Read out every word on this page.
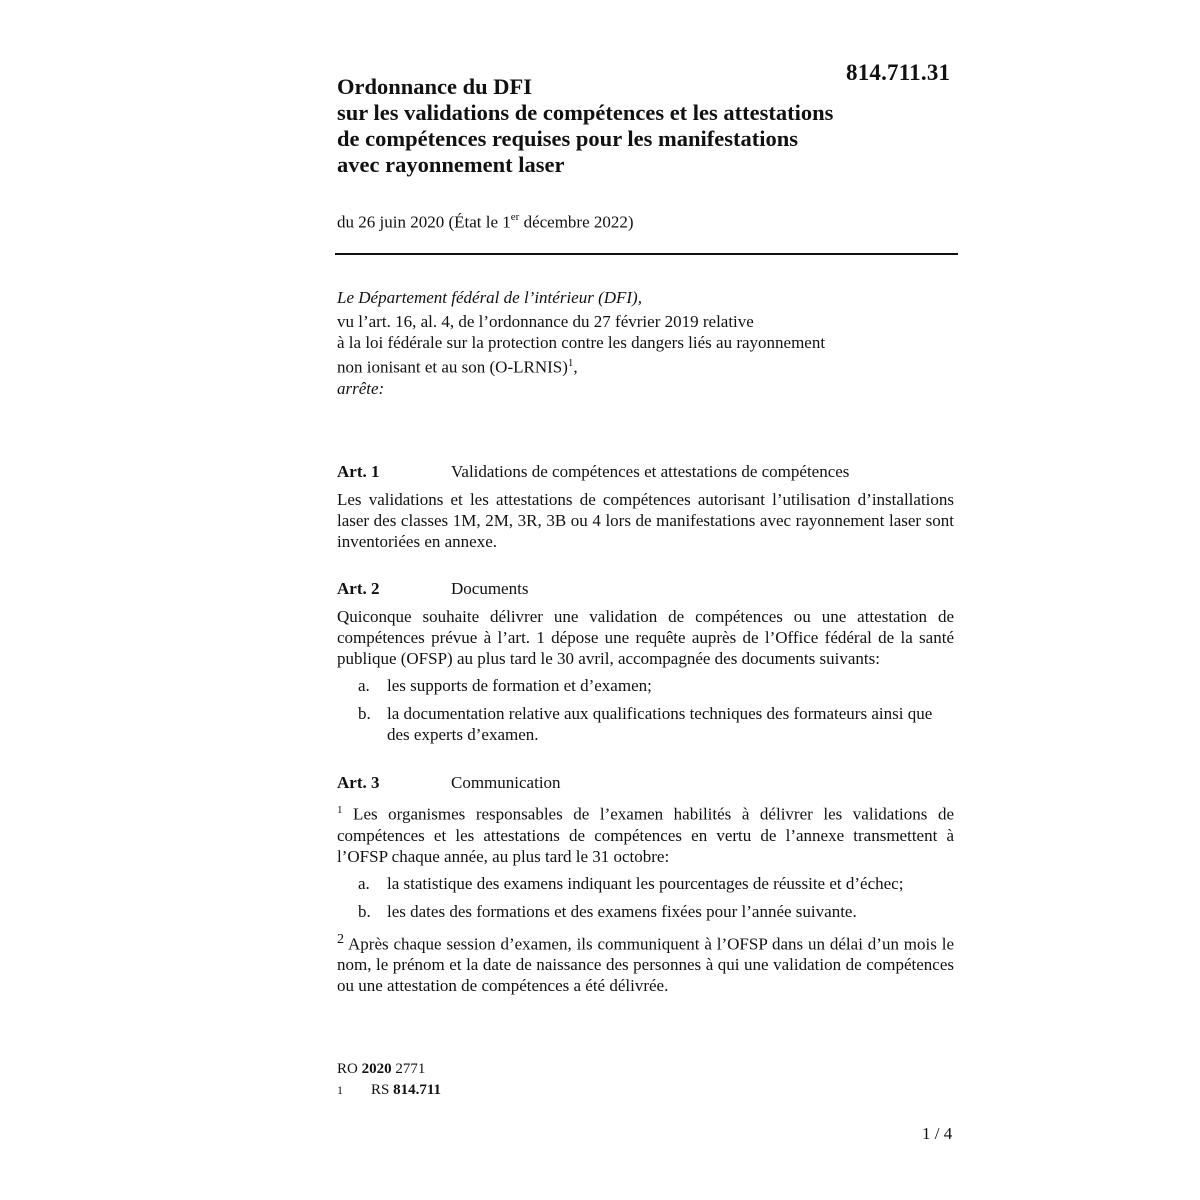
814.711.31
Ordonnance du DFI
sur les validations de compétences et les attestations
de compétences requises pour les manifestations
avec rayonnement laser
du 26 juin 2020 (État le 1er décembre 2022)
Le Département fédéral de l’intérieur (DFI),
vu l’art. 16, al. 4, de l’ordonnance du 27 février 2019 relative
à la loi fédérale sur la protection contre les dangers liés au rayonnement
non ionisant et au son (O-LRNIS)$^1$,
arrête:
Art. 1	Validations de compétences et attestations de compétences
Les validations et les attestations de compétences autorisant l’utilisation d’installations laser des classes 1M, 2M, 3R, 3B ou 4 lors de manifestations avec rayonnement laser sont inventoriées en annexe.
Art. 2	Documents
Quiconque souhaite délivrer une validation de compétences ou une attestation de compétences prévue à l’art. 1 dépose une requête auprès de l’Office fédéral de la santé publique (OFSP) au plus tard le 30 avril, accompagnée des documents suivants:
a.	les supports de formation et d’examen;
b. la documentation relative aux qualifications techniques des formateurs ainsi que des experts d’examen.
Art. 3	Communication
$^1$ Les organismes responsables de l’examen habilités à délivrer les validations de compétences et les attestations de compétences en vertu de l’annexe transmettent à l’OFSP chaque année, au plus tard le 31 octobre:
a.	la statistique des examens indiquant les pourcentages de réussite et d’échec;
b. les dates des formations et des examens fixées pour l’année suivante.
$^2$ Après chaque session d’examen, ils communiquent à l’OFSP dans un délai d’un mois le nom, le prénom et la date de naissance des personnes à qui une validation de compétences ou une attestation de compétences a été délivrée.
RO 2020 2771
1	RS 814.711
1 / 4
